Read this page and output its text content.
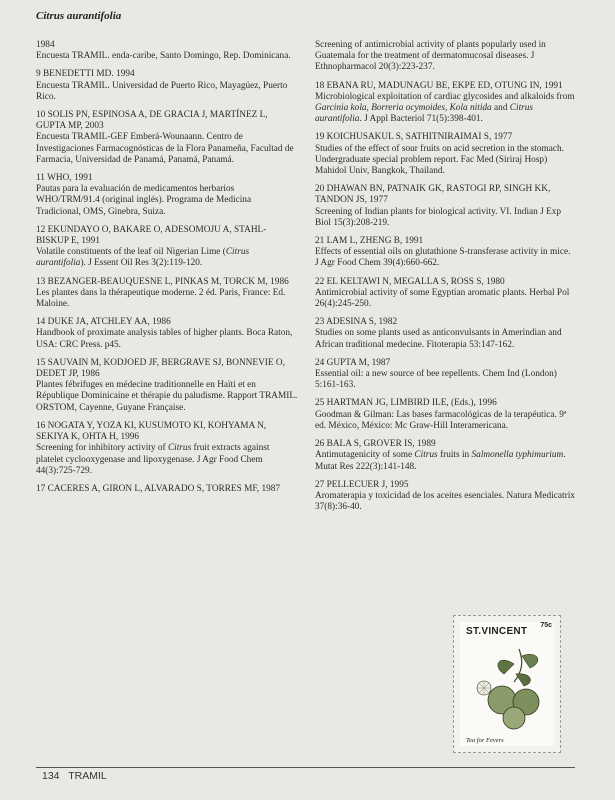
Citrus aurantifolia
1984
Encuesta TRAMIL. enda-caribe, Santo Domingo, Rep. Dominicana.
9 BENEDETTI MD. 1994
Encuesta TRAMIL. Universidad de Puerto Rico, Mayagüez, Puerto Rico.
10 SOLIS PN, ESPINOSA A, DE GRACIA J, MARTÍNEZ L, GUPTA MP, 2003
Encuesta TRAMIL-GEF Emberá-Wounaann. Centro de Investigaciones Farmacognósticas de la Flora Panameña, Facultad de Farmacia, Universidad de Panamá, Panamá, Panamá.
11 WHO, 1991
Pautas para la evaluación de medicamentos herbarios WHO/TRM/91.4 (original inglés). Programa de Medicina Tradicional, OMS, Ginebra, Suiza.
12 EKUNDAYO O, BAKARE O, ADESOMOJU A, STAHL-BISKUP E, 1991
Volatile constituents of the leaf oil Nigerian Lime (Citrus aurantifolia). J Essent Oil Res 3(2):119-120.
13 BEZANGER-BEAUQUESNE L, PINKAS M, TORCK M, 1986
Les plantes dans la thérapeutique moderne. 2 éd. Paris, France: Ed. Maloine.
14 DUKE JA, ATCHLEY AA, 1986
Handbook of proximate analysis tables of higher plants. Boca Raton, USA: CRC Press. p45.
15 SAUVAIN M, KODJOED JF, BERGRAVE SJ, BONNEVIE O, DEDET JP, 1986
Plantes fébrifuges en médecine traditionnelle en Haïti et en République Dominicaine et thérapie du paludisme. Rapport TRAMIL. ORSTOM, Cayenne, Guyane Française.
16 NOGATA Y, YOZA KI, KUSUMOTO KI, KOHYAMA N, SEKIYA K, OHTA H, 1996
Screening for inhibitory activity of Citrus fruit extracts against platelet cyclooxygenase and lipoxygenase. J Agr Food Chem 44(3):725-729.
17 CACERES A, GIRON L, ALVARADO S, TORRES MF, 1987
Screening of antimicrobial activity of plants popularly used in Guatemala for the treatment of dermatomucosal diseases. J Ethnopharmacol 20(3):223-237.
18 EBANA RU, MADUNAGU BE, EKPE ED, OTUNG IN, 1991
Microbiological exploitation of cardiac glycosides and alkaloids from Garcinia kola, Borreria ocymoides, Kola nitida and Citrus aurantifolia. J Appl Bacteriol 71(5):398-401.
19 KOICHUSAKUL S, SATHITNIRAIMAI S, 1977
Studies of the effect of sour fruits on acid secretion in the stomach. Undergraduate special problem report. Fac Med (Siriraj Hosp) Mahidol Univ, Bangkok, Thailand.
20 DHAWAN BN, PATNAIK GK, RASTOGI RP, SINGH KK, TANDON JS, 1977
Screening of Indian plants for biological activity. VI. Indian J Exp Biol 15(3):208-219.
21 LAM L, ZHENG B, 1991
Effects of essential oils on glutathione S-transferase activity in mice. J Agr Food Chem 39(4):660-662.
22 EL KELTAWI N, MEGALLA S, ROSS S, 1980
Antimicrobial activity of some Egyptian aromatic plants. Herbal Pol 26(4):245-250.
23 ADESINA S, 1982
Studies on some plants used as anticonvulsants in Amerindian and African traditional medecine. Fitoterapia 53:147-162.
24 GUPTA M, 1987
Essential oil: a new source of bee repellents. Chem Ind (London) 5:161-163.
25 HARTMAN JG, LIMBIRD ILE, (Eds.), 1996
Goodman & Gilman: Las bases farmacológicas de la terapéutica. 9ª ed. México, México: Mc Graw-Hill Interamericana.
26 BALA S, GROVER IS, 1989
Antimutagenicity of some Citrus fruits in Salmonella typhimurium. Mutat Res 222(3):141-148.
27 PELLECUER J, 1995
Aromaterapia y toxicidad de los aceites esenciales. Natura Medicatrix 37(8):36-40.
ST.VINCENT
75c
Tea for Fevers
134 TRAMIL
